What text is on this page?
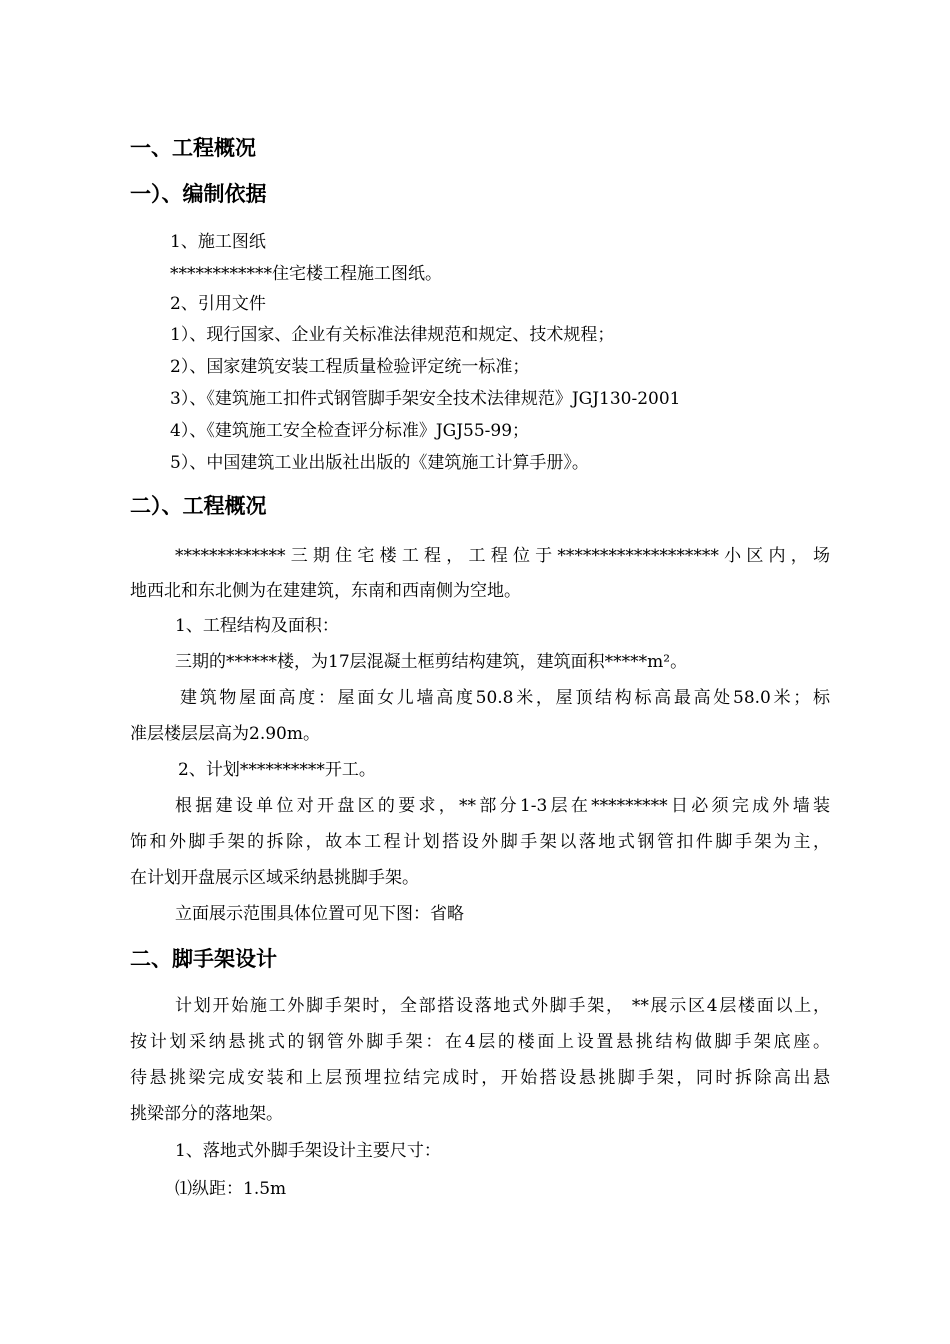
一、工程概况
一）、编制依据

1、施工图纸

************住宅楼工程施工图纸。

2、引用文件

1）、现行国家、企业有关标准法律规范和规定、技术规程；

2）、国家建筑安装工程质量检验评定统一标准；

3）、《建筑施工扣件式钢管脚手架安全技术法律规范》JGJ130-2001

4）、《建筑施工安全检查评分标准》JGJ55-99；

5）、中国建筑工业出版社出版的《建筑施工计算手册》。

二）、工程概况

*************三期住宅楼工程，工程位于*******************小区内，场

地西北和东北侧为在建建筑，东南和西南侧为空地。

1、工程结构及面积：

三期的******楼，为17层混凝土框剪结构建筑，建筑面积*****m²。

建筑物屋面高度：屋面女儿墙高度50.8米，屋顶结构标高最高处58.0米；标

准层楼层层高为2.90m。

2、计划**********开工。

根据建设单位对开盘区的要求，**部分1-3层在*********日必须完成外墙装

饰和外脚手架的拆除，故本工程计划搭设外脚手架以落地式钢管扣件脚手架为主，

在计划开盘展示区域采纳悬挑脚手架。

立面展示范围具体位置可见下图：省略

二、脚手架设计

计划开始施工外脚手架时，全部搭设落地式外脚手架， **展示区4层楼面以上，

按计划采纳悬挑式的钢管外脚手架：在4层的楼面上设置悬挑结构做脚手架底座。

待悬挑梁完成安装和上层预埋拉结完成时，开始搭设悬挑脚手架，同时拆除高出悬

挑梁部分的落地架。

1、落地式外脚手架设计主要尺寸：

⑴纵距：1.5m
